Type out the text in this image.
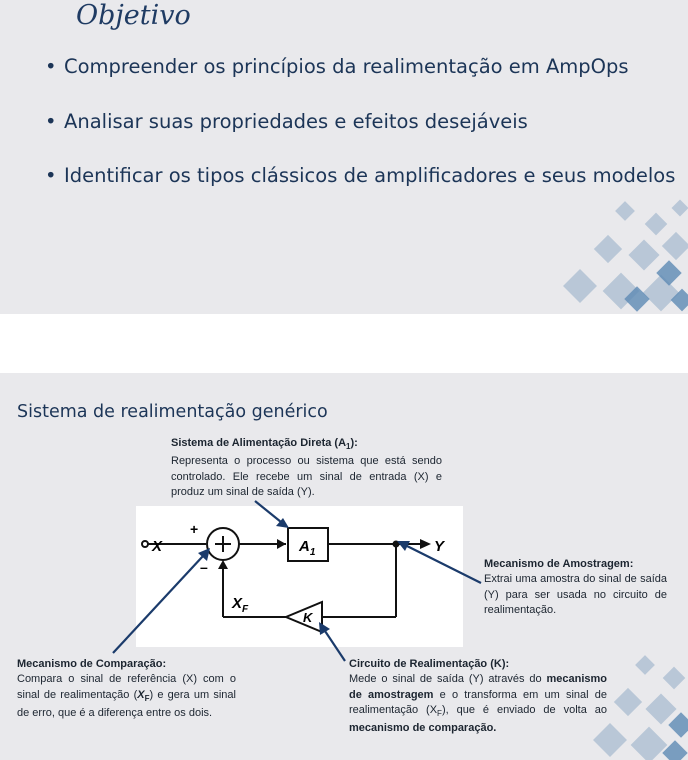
Objetivo
• Compreender os princípios da realimentação em AmpOps
• Analisar suas propriedades e efeitos desejáveis
• Identificar os tipos clássicos de amplificadores e seus modelos
Sistema de realimentação genérico
Sistema de Alimentação Direta $(A_1)$:
Representa o processo ou sistema que está sendo controlado. Ele recebe um sinal de entrada (X) e produz um sinal de saída (Y).
Mecanismo de Amostragem:
Extrai uma amostra do sinal de saída (Y) para ser usada no circuito de realimentação.
Mecanismo de Comparação:
Compara o sinal de referência (X) com o sinal de realimentação $(X_F)$ e gera um sinal de erro, que é a diferença entre os dois.
Circuito de Realimentação (K):
Mede o sinal de saída (Y) através do mecanismo de amostragem e o transforma em um sinal de realimentação $(X_F)$, que é enviado de volta ao mecanismo de comparação.
X
+
–
$A_1$	Y
$X_F$
K
